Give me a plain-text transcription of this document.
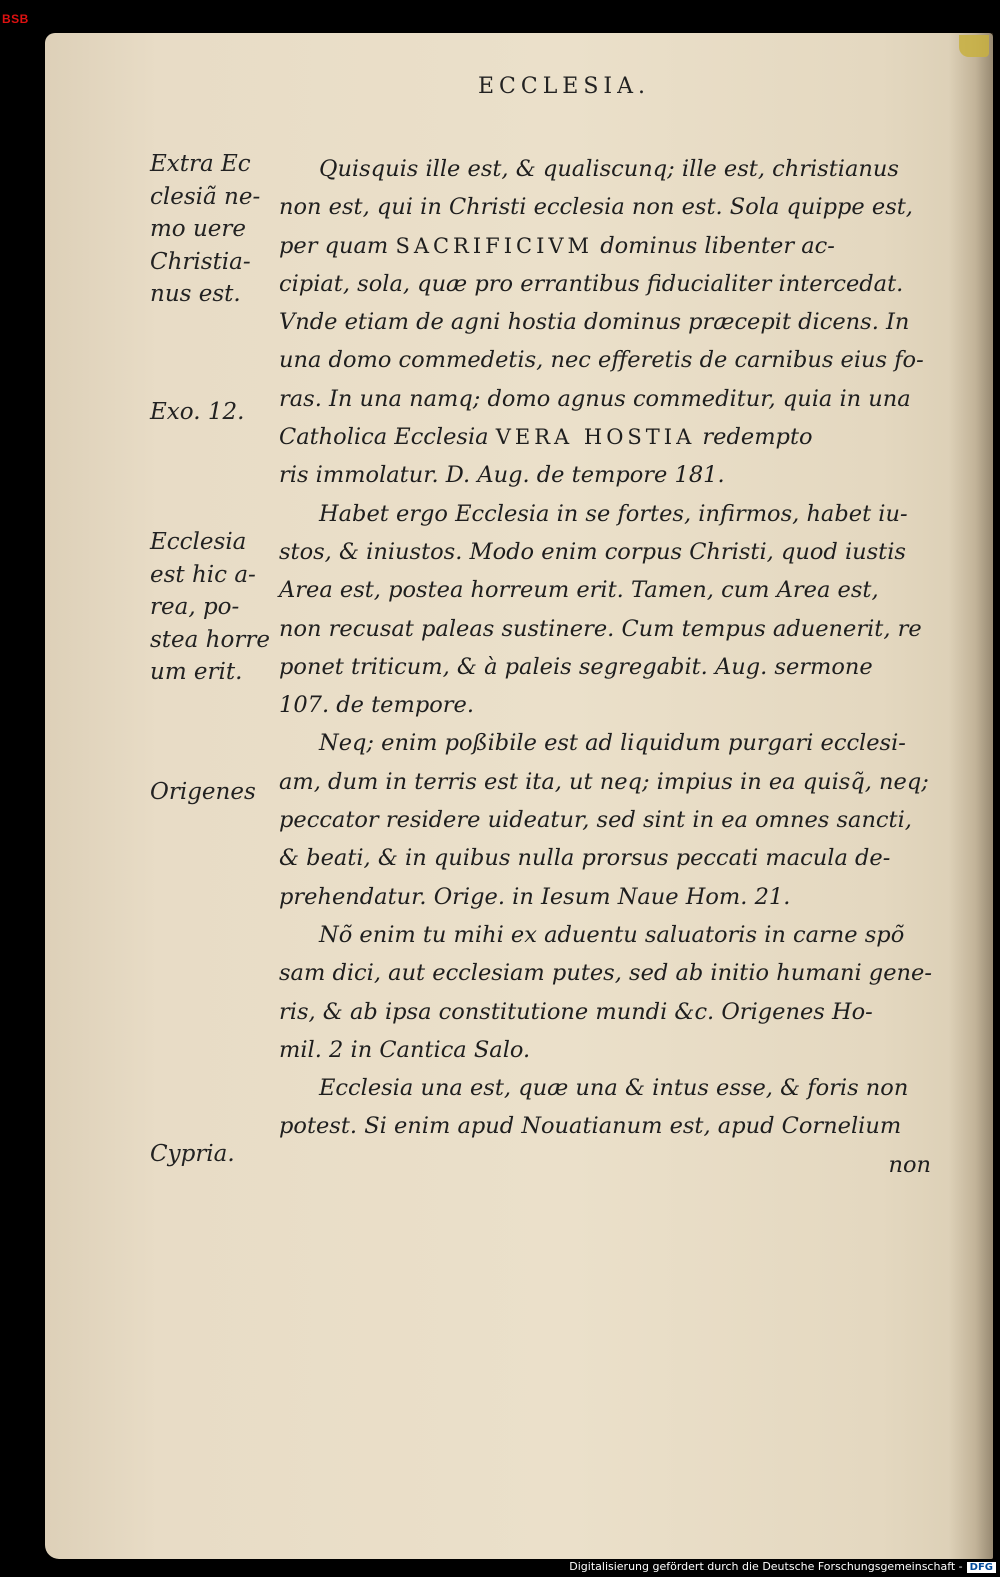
BSB
ECCLESIA.
Extra Ec
clesiã ne-
mo uere
Christia-
nus est.
Exo. 12.
Ecclesia
est hic a-
rea, po-
stea horre
um erit.
Origenes
Cypria.
Quisquis ille est, & qualiscunq; ille est, christianus
non est, qui in Christi ecclesia non est. Sola quippe est,
per quam SACRIFICIVM dominus libenter ac-
cipiat, sola, quæ pro errantibus fiducialiter intercedat.
Vnde etiam de agni hostia dominus præcepit dicens. In
una domo commedetis, nec efferetis de carnibus eius fo-
ras. In una namq; domo agnus commeditur, quia in una
Catholica Ecclesia VERA HOSTIA redempto
ris immolatur. D. Aug. de tempore 181.
Habet ergo Ecclesia in se fortes, infirmos, habet iu-
stos, & iniustos. Modo enim corpus Christi, quod iustis
Area est, postea horreum erit. Tamen, cum Area est,
non recusat paleas sustinere. Cum tempus aduenerit, re
ponet triticum, & à paleis segregabit. Aug. sermone
107. de tempore.
Neq; enim poßibile est ad liquidum purgari ecclesi-
am, dum in terris est ita, ut neq; impius in ea quisq̃, neq;
peccator residere uideatur, sed sint in ea omnes sancti,
& beati, & in quibus nulla prorsus peccati macula de-
prehendatur. Orige. in Iesum Naue Hom. 21.
Nõ enim tu mihi ex aduentu saluatoris in carne spõ
sam dici, aut ecclesiam putes, sed ab initio humani gene-
ris, & ab ipsa constitutione mundi &c. Origenes Ho-
mil. 2 in Cantica Salo.
Ecclesia una est, quæ una & intus esse, & foris non
potest. Si enim apud Nouatianum est, apud Cornelium
non
Digitalisierung gefördert durch die Deutsche Forschungsgemeinschaft - DFG
